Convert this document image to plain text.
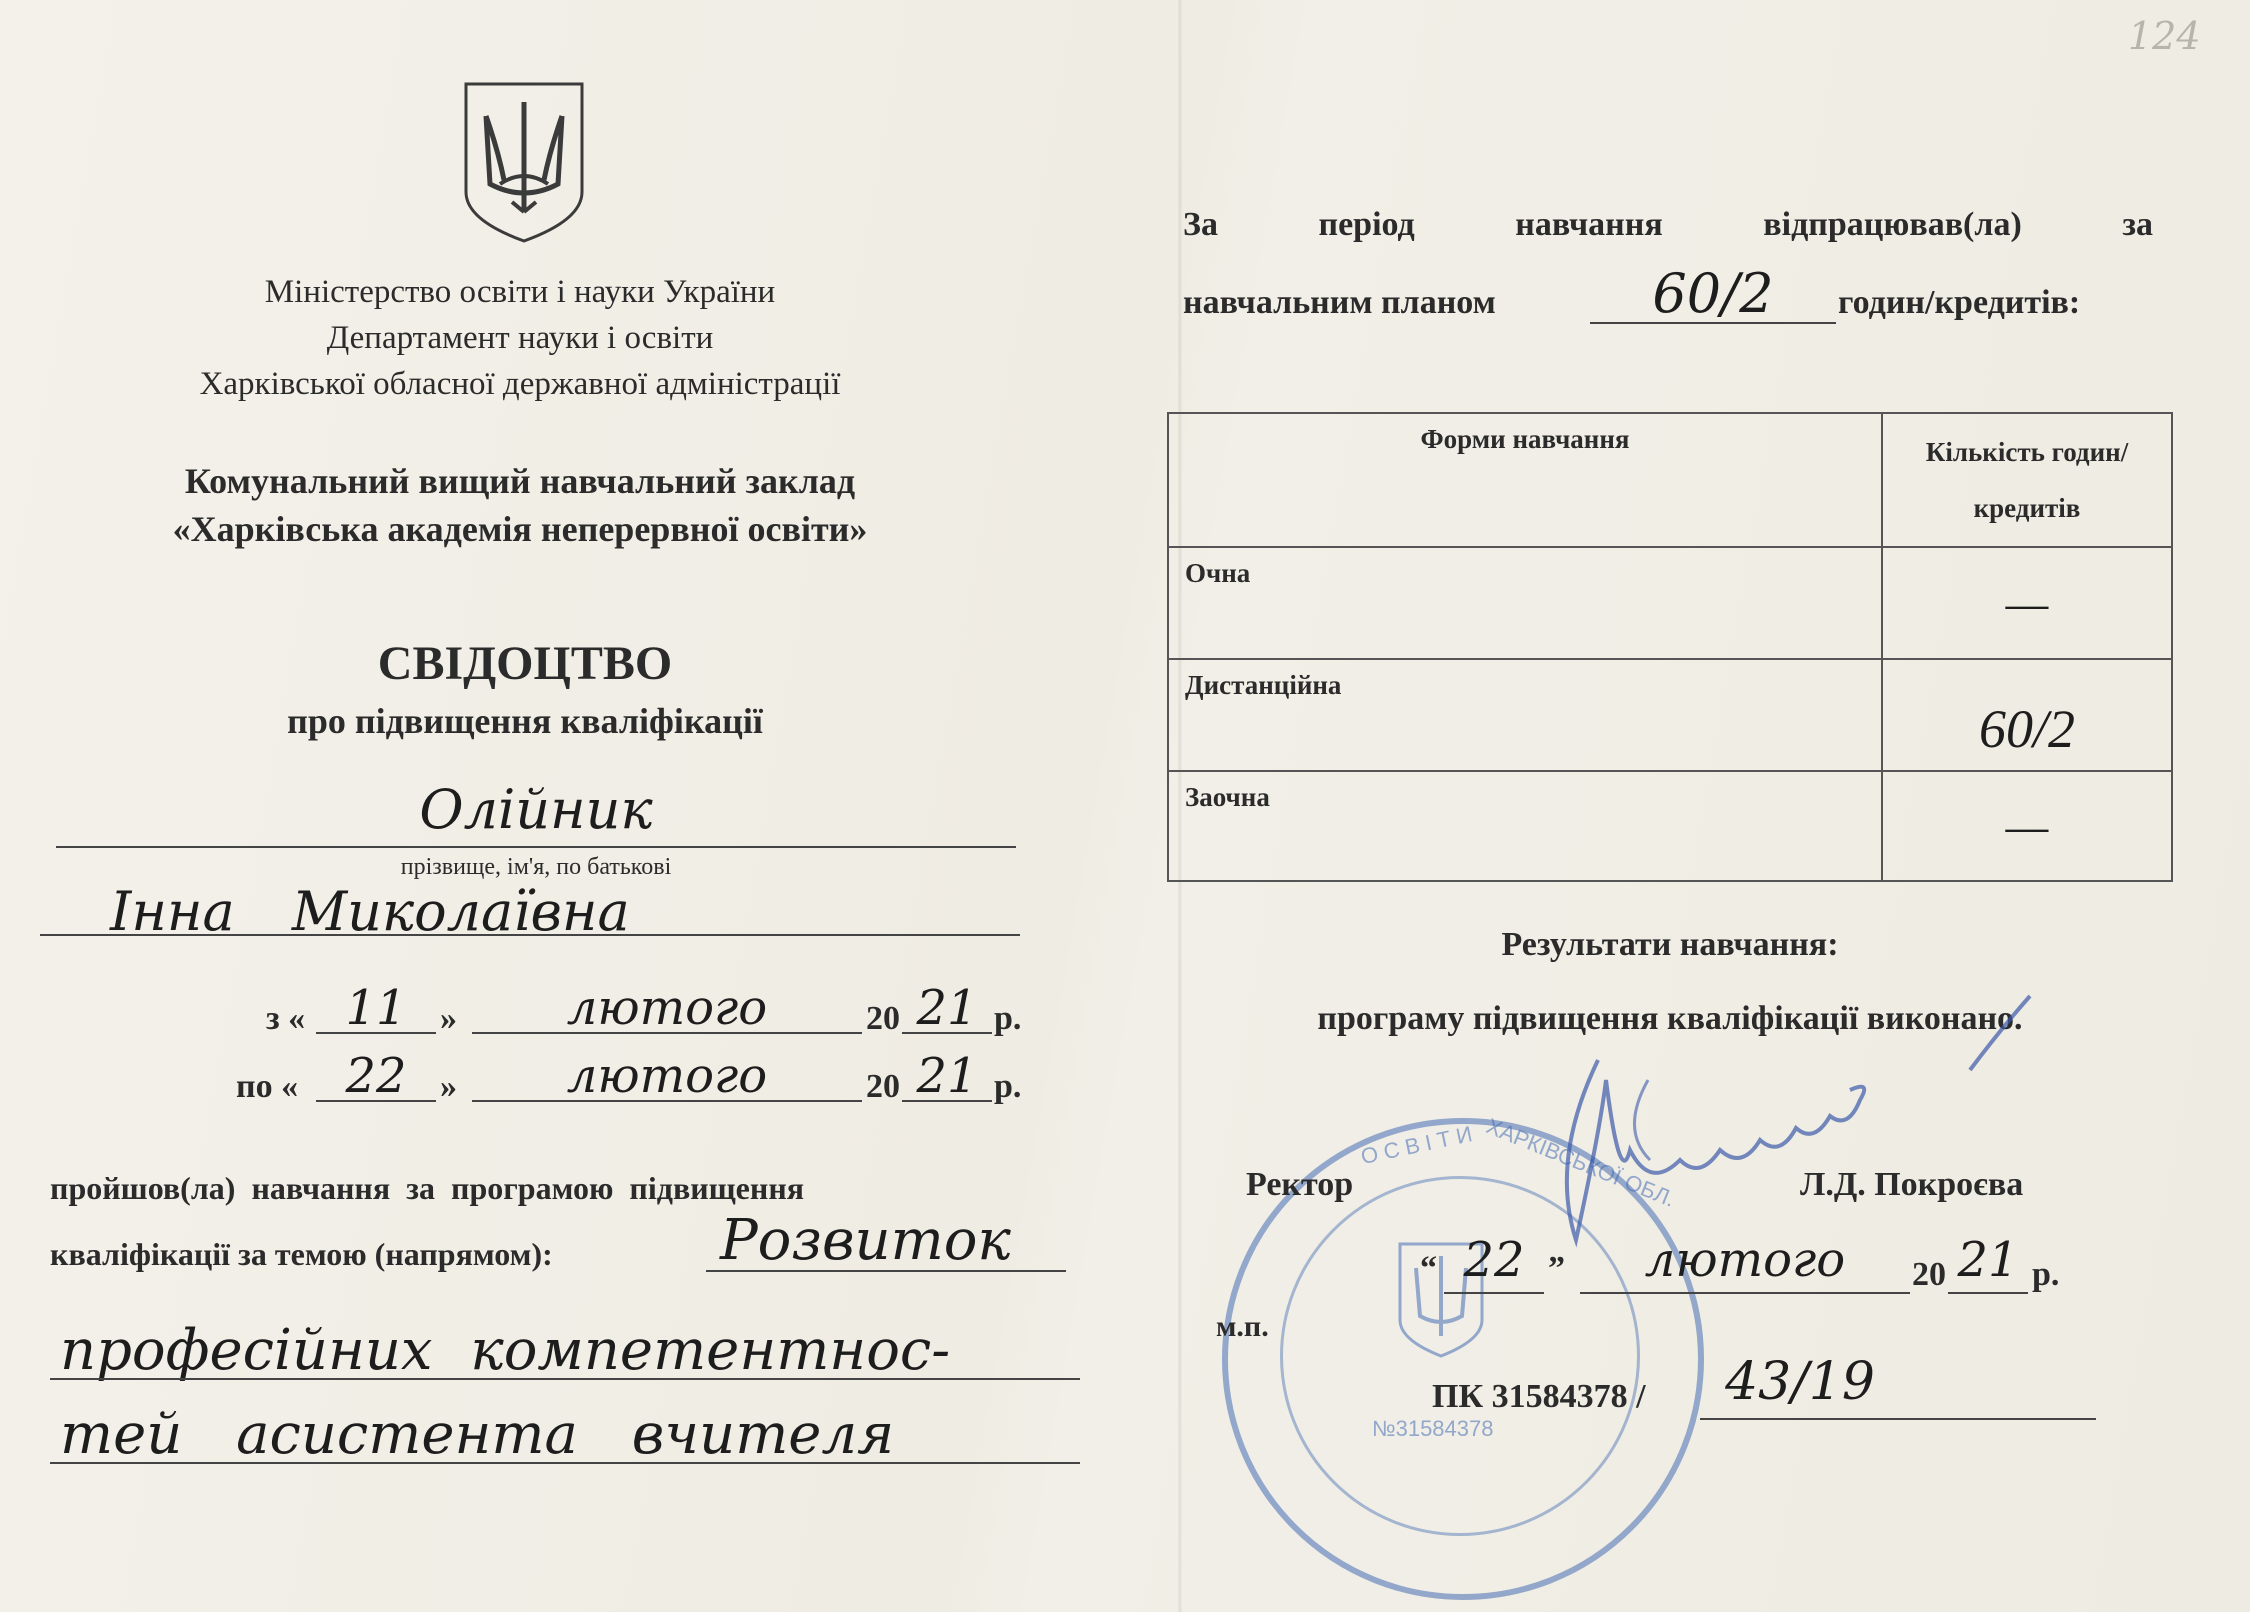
124
Міністерство освіти і науки України
Департамент науки і освіти
Харківської обласної державної адміністрації
Комунальний вищий навчальний заклад
«Харківська академія неперервної освіти»
СВІДОЦТВО
про підвищення кваліфікації
Олійник
прізвище, ім'я, по батькові
Інна Миколаївна
з « 11 »	лютого	20 21 р.
по « 22 »	лютого	20 21 р.
пройшов(ла) навчання за програмою підвищення
кваліфікації за темою (напрямом):	Розвиток
професійних компетентнос-
тей асистента вчителя
За період навчання відпрацював(ла) за
навчальним планом	60/2	годин/кредитів:
Форми навчання	Кількість годин/кредитів
Очна	—
Дистанційна	60/2
Заочна	—
Результати навчання:
програму підвищення кваліфікації виконано.
ОСВІТИ ХАРКІВСЬКОЇ ОБЛ.
№31584378
Ректор	Л.Д. Покроєва
“ 22 ”	лютого	20 21 р.
м.п.
ПК 31584378 /	43/19
